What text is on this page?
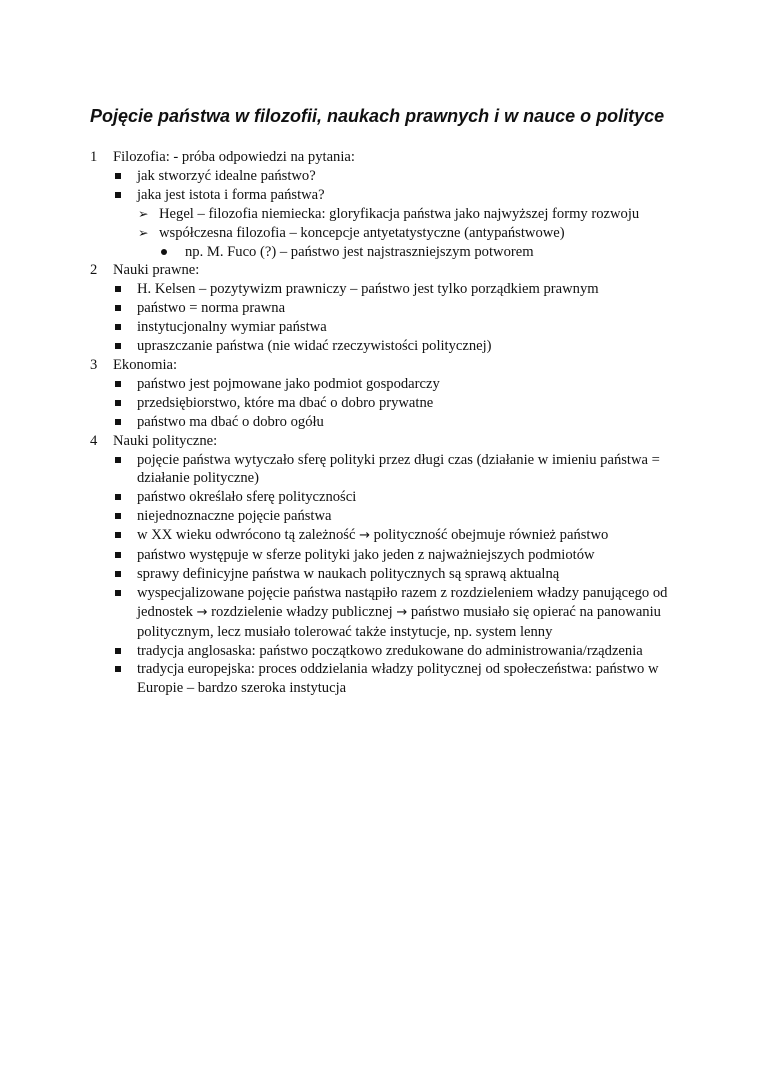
Pojęcie państwa w filozofii, naukach prawnych i w nauce o polityce
1 Filozofia: - próba odpowiedzi na pytania:
jak stworzyć idealne państwo?
jaka jest istota i forma państwa?
➢ Hegel – filozofia niemiecka: gloryfikacja państwa jako najwyższej formy rozwoju
➢ współczesna filozofia – koncepcje antyetatystyczne (antypaństwowe)
np. M. Fuco (?) – państwo jest najstraszniejszym potworem
2 Nauki prawne:
H. Kelsen – pozytywizm prawniczy – państwo jest tylko porządkiem prawnym
państwo = norma prawna
instytucjonalny wymiar państwa
upraszczanie państwa (nie widać rzeczywistości politycznej)
3 Ekonomia:
państwo jest pojmowane jako podmiot gospodarczy
przedsiębiorstwo, które ma dbać o dobro prywatne
państwo ma dbać o dobro ogółu
4 Nauki polityczne:
pojęcie państwa wytyczało sferę polityki przez długi czas (działanie w imieniu państwa = działanie polityczne)
państwo określało sferę polityczności
niejednoznaczne pojęcie państwa
w XX wieku odwrócono tą zależność → polityczność obejmuje również państwo
państwo występuje w sferze polityki jako jeden z najważniejszych podmiotów
sprawy definicyjne państwa w naukach politycznych są sprawą aktualną
wyspecjalizowane pojęcie państwa nastąpiło razem z rozdzieleniem władzy panującego od jednostek → rozdzielenie władzy publicznej → państwo musiało się opierać na panowaniu politycznym, lecz musiało tolerować także instytucje, np. system lenny
tradycja anglosaska: państwo początkowo zredukowane do administrowania/rządzenia
tradycja europejska: proces oddzielania władzy politycznej od społeczeństwa: państwo w Europie – bardzo szeroka instytucja
